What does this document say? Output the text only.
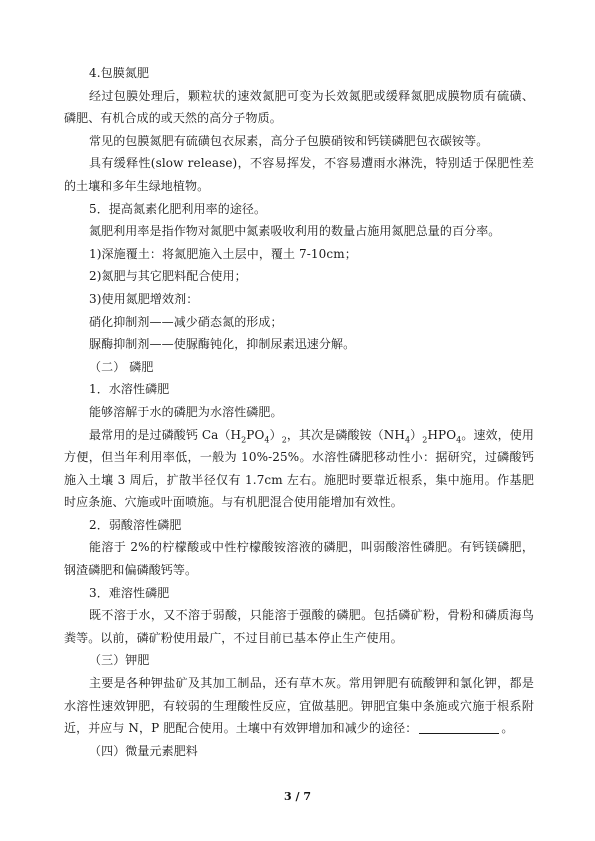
4.包膜氮肥

经过包膜处理后，颗粒状的速效氮肥可变为长效氮肥或缓释氮肥成膜物质有硫磺、磷肥、有机合成的或天然的高分子物质。

常见的包膜氮肥有硫磺包衣尿素，高分子包膜硝铵和钙镁磷肥包衣碳铵等。

具有缓释性(slow release)，不容易挥发，不容易遭雨水淋洗，特别适于保肥性差的土壤和多年生绿地植物。

5．提高氮素化肥利用率的途径。

氮肥利用率是指作物对氮肥中氮素吸收利用的数量占施用氮肥总量的百分率。

1)深施覆土：将氮肥施入土层中，覆土 7-10cm；

2)氮肥与其它肥料配合使用；

3)使用氮肥增效剂：

硝化抑制剂——减少硝态氮的形成；

脲酶抑制剂——使脲酶钝化，抑制尿素迅速分解。

（二） 磷肥

1．水溶性磷肥

能够溶解于水的磷肥为水溶性磷肥。

最常用的是过磷酸钙 $Ca(H_2PO_4)_2$，其次是磷酸铵$(NH_4)_2HPO_4$。速效，使用方便，但当年利用率低，一般为 10%-25%。水溶性磷肥移动性小：据研究，过磷酸钙施入土壤 3 周后，扩散半径仅有 1.7cm 左右。施肥时要靠近根系，集中施用。作基肥时应条施、穴施或叶面喷施。与有机肥混合使用能增加有效性。

2．弱酸溶性磷肥

能溶于 2%的柠檬酸或中性柠檬酸铵溶液的磷肥，叫弱酸溶性磷肥。有钙镁磷肥，钢渣磷肥和偏磷酸钙等。

3．难溶性磷肥

既不溶于水，又不溶于弱酸，只能溶于强酸的磷肥。包括磷矿粉，骨粉和磷质海鸟粪等。以前，磷矿粉使用最广，不过目前已基本停止生产使用。

（三）钾肥

主要是各种钾盐矿及其加工制品，还有草木灰。常用钾肥有硫酸钾和氯化钾，都是水溶性速效钾肥，有较弱的生理酸性反应，宜做基肥。钾肥宜集中条施或穴施于根系附近，并应与 N，P 肥配合使用。土壤中有效钾增加和减少的途径：	。

（四）微量元素肥料

3 / 7
